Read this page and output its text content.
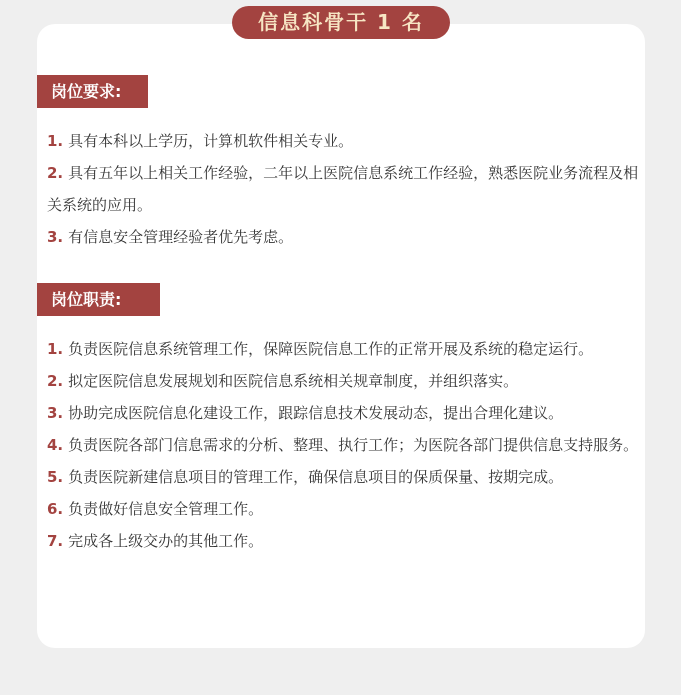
信息科骨干 1 名
岗位要求:
1. 具有本科以上学历，计算机软件相关专业。
2. 具有五年以上相关工作经验，二年以上医院信息系统工作经验，熟悉医院业务流程及相关系统的应用。
3. 有信息安全管理经验者优先考虑。
岗位职责:
1. 负责医院信息系统管理工作，保障医院信息工作的正常开展及系统的稳定运行。
2. 拟定医院信息发展规划和医院信息系统相关规章制度，并组织落实。
3. 协助完成医院信息化建设工作，跟踪信息技术发展动态，提出合理化建议。
4. 负责医院各部门信息需求的分析、整理、执行工作；为医院各部门提供信息支持服务。
5. 负责医院新建信息项目的管理工作，确保信息项目的保质保量、按期完成。
6. 负责做好信息安全管理工作。
7. 完成各上级交办的其他工作。
